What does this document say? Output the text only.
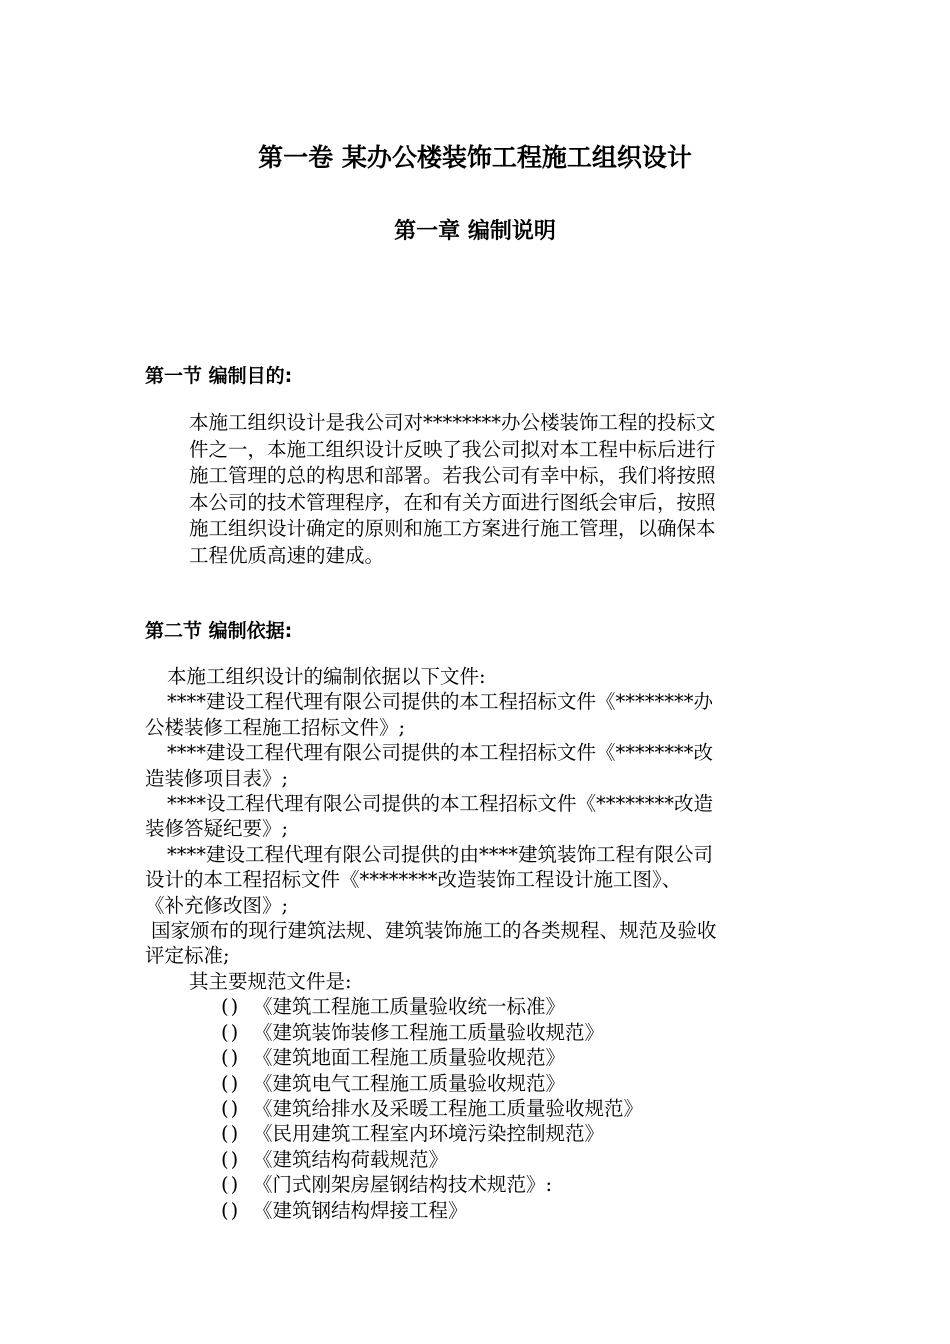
第一卷 某办公楼装饰工程施工组织设计
第一章 编制说明
第一节 编制目的:
本施工组织设计是我公司对********办公楼装饰工程的投标文
件之一，本施工组织设计反映了我公司拟对本工程中标后进行
施工管理的总的构思和部署。若我公司有幸中标，我们将按照
本公司的技术管理程序，在和有关方面进行图纸会审后，按照
施工组织设计确定的原则和施工方案进行施工管理，以确保本
工程优质高速的建成。
第二节 编制依据:
本施工组织设计的编制依据以下文件:
****建设工程代理有限公司提供的本工程招标文件《********办
公楼装修工程施工招标文件》;
****建设工程代理有限公司提供的本工程招标文件《********改
造装修项目表》;
****设工程代理有限公司提供的本工程招标文件《********改造
装修答疑纪要》;
****建设工程代理有限公司提供的由****建筑装饰工程有限公司
设计的本工程招标文件《********改造装饰工程设计施工图》、
《补充修改图》;
国家颁布的现行建筑法规、建筑装饰施工的各类规程、规范及验收
评定标准;
其主要规范文件是:
() 《建筑工程施工质量验收统一标准》
() 《建筑装饰装修工程施工质量验收规范》
() 《建筑地面工程施工质量验收规范》
() 《建筑电气工程施工质量验收规范》
() 《建筑给排水及采暖工程施工质量验收规范》
() 《民用建筑工程室内环境污染控制规范》
() 《建筑结构荷载规范》
() 《门式刚架房屋钢结构技术规范》:
() 《建筑钢结构焊接工程》
